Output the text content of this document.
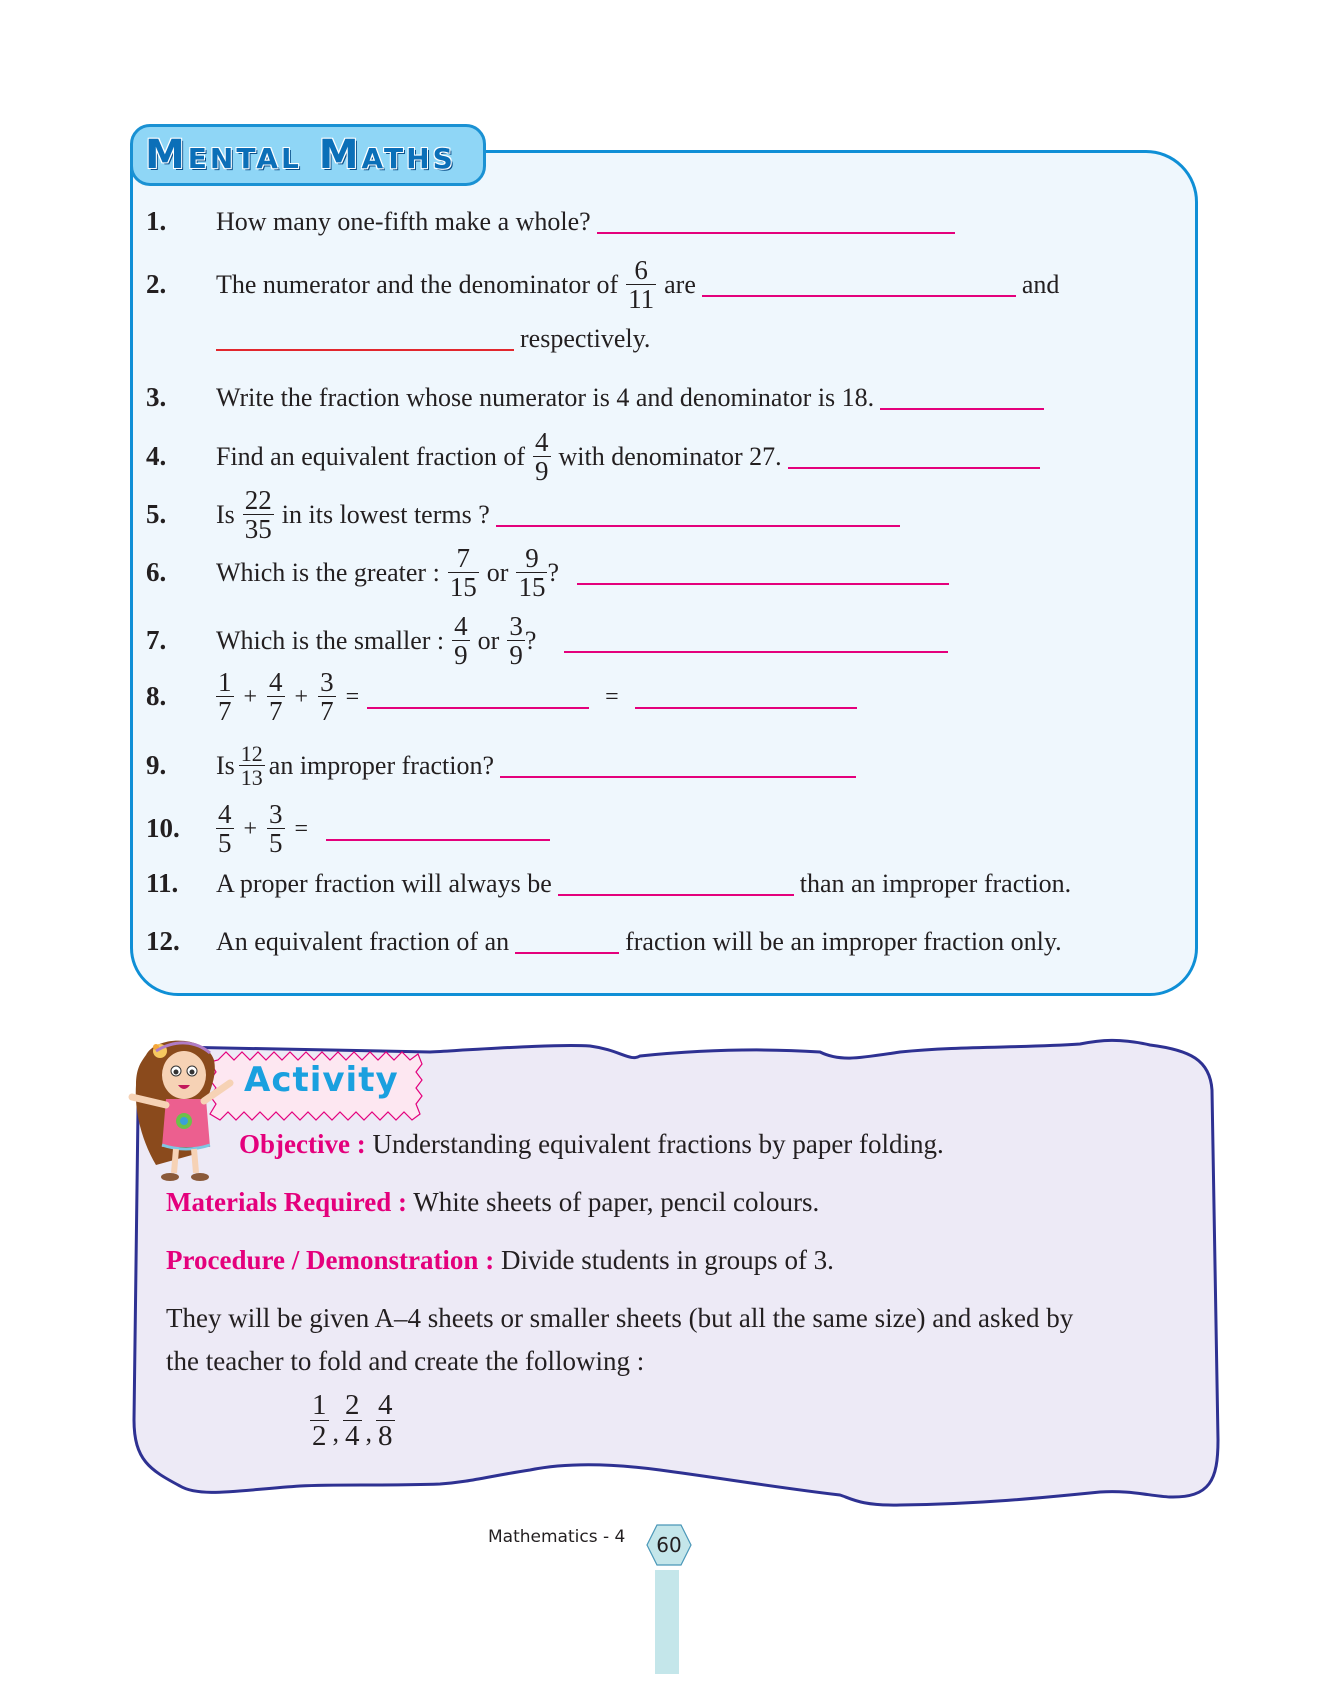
Mental Maths
1.	How many one-fifth make a whole?
2.	The numerator and the denominator of $\frac{6}{11}$ are	and
respectively.
3.	Write the fraction whose numerator is 4 and denominator is 18.
4.	Find an equivalent fraction of $\frac{4}{9}$ with denominator 27.
5.	Is $\frac{22}{35}$ in its lowest terms ?
6.	Which is the greater : $\frac{7}{15}$ or $\frac{9}{15}$ ?
7.	Which is the smaller : $\frac{4}{9}$ or $\frac{3}{9}$ ?
8.	$\frac{1}{7} + \frac{4}{7} + \frac{3}{7}$ =	=
9.	Is $\frac{12}{13}$ an improper fraction?
10.	$\frac{4}{5} + \frac{3}{5}$ =
11.	A proper fraction will always be	than an improper fraction.
12.	An equivalent fraction of an	fraction will be an improper fraction only.
Activity
Objective : Understanding equivalent fractions by paper folding.
Materials Required : White sheets of paper, pencil colours.
Procedure / Demonstration : Divide students in groups of 3.
They will be given A–4 sheets or smaller sheets (but all the same size) and asked by
the teacher to fold and create the following :
$\frac{1}{2}$ , $\frac{2}{4}$ , $\frac{4}{8}$
Mathematics - 4	60
